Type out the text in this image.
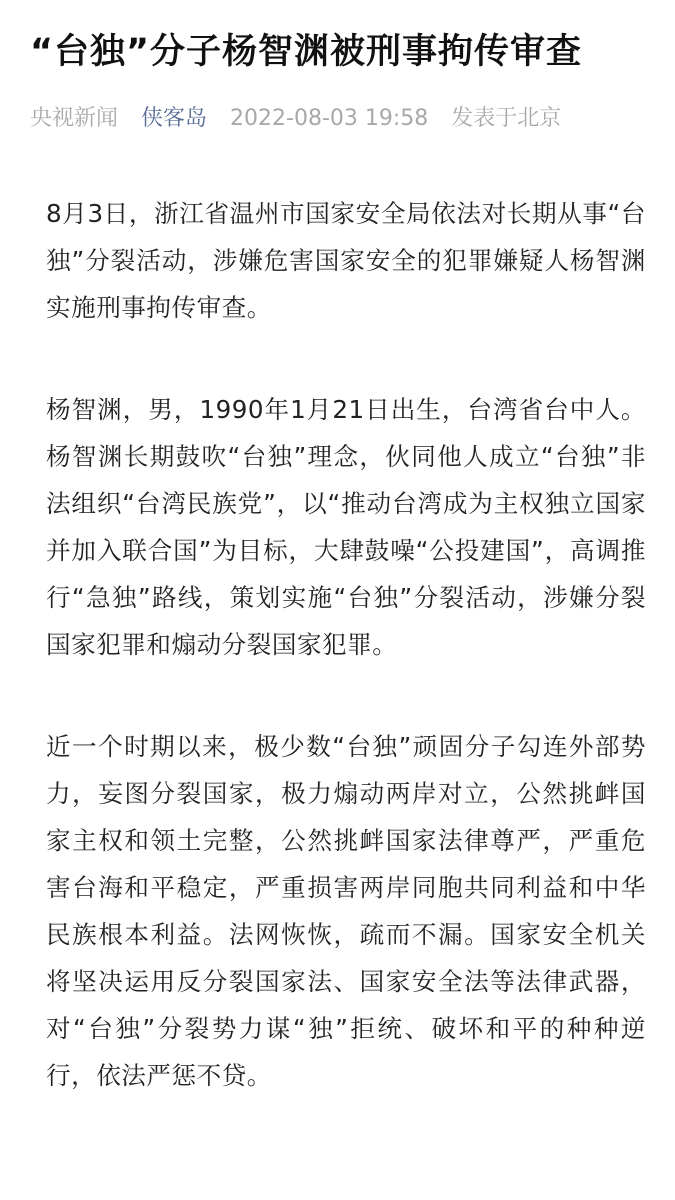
“台独”分子杨智渊被刑事拘传审查
央视新闻 侠客岛 2022-08-03 19:58 发表于北京

8月3日，浙江省温州市国家安全局依法对长期从事“台独”分裂活动，涉嫌危害国家安全的犯罪嫌疑人杨智渊实施刑事拘传审查。

杨智渊，男，1990年1月21日出生，台湾省台中人。杨智渊长期鼓吹“台独”理念，伙同他人成立“台独”非法组织“台湾民族党”，以“推动台湾成为主权独立国家并加入联合国”为目标，大肆鼓噪“公投建国”，高调推行“急独”路线，策划实施“台独”分裂活动，涉嫌分裂国家犯罪和煽动分裂国家犯罪。

近一个时期以来，极少数“台独”顽固分子勾连外部势力，妄图分裂国家，极力煽动两岸对立，公然挑衅国家主权和领土完整，公然挑衅国家法律尊严，严重危害台海和平稳定，严重损害两岸同胞共同利益和中华民族根本利益。法网恢恢，疏而不漏。国家安全机关将坚决运用反分裂国家法、国家安全法等法律武器，对“台独”分裂势力谋“独”拒统、破坏和平的种种逆行，依法严惩不贷。
